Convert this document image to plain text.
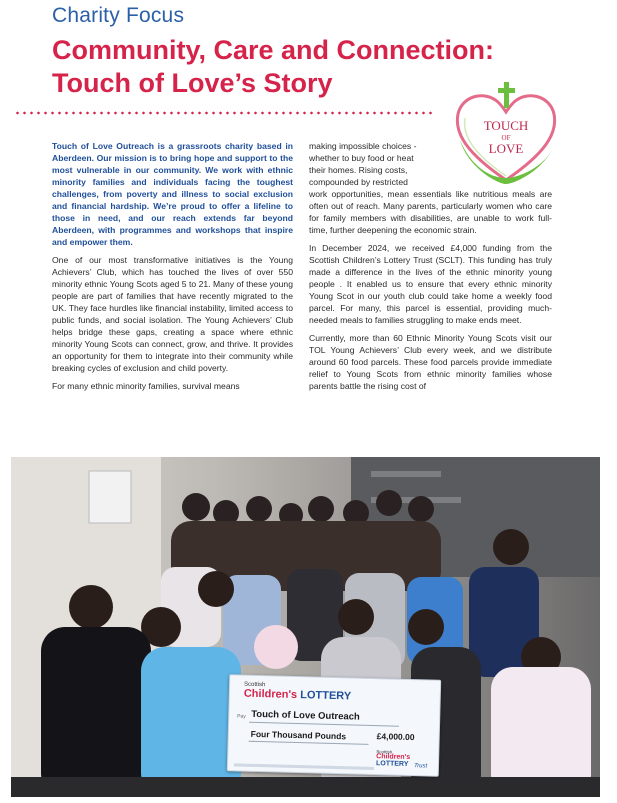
Charity Focus
Community, Care and Connection:
Touch of Love’s Story
TOUCH
OF
LOVE

Touch of Love Outreach is a grassroots charity based in Aberdeen. Our mission is to bring hope and support to the most vulnerable in our community. We work with ethnic minority families and individuals facing the toughest challenges, from poverty and illness to social exclusion and financial hardship. We’re proud to offer a lifeline to those in need, and our reach extends far beyond Aberdeen, with programmes and workshops that inspire and empower them.

One of our most transformative initiatives is the Young Achievers’ Club, which has touched the lives of over 550 minority ethnic Young Scots aged 5 to 21. Many of these young people are part of families that have recently migrated to the UK. They face hurdles like financial instability, limited access to public funds, and social isolation. The Young Achievers’ Club helps bridge these gaps, creating a space where ethnic minority Young Scots can connect, grow, and thrive. It provides an opportunity for them to integrate into their community while breaking cycles of exclusion and child poverty.

For many ethnic minority families, survival means

making impossible choices -
whether to buy food or heat
their homes. Rising costs,
compounded by restricted
work opportunities, mean essentials like nutritious meals are often out of reach. Many parents, particularly women who care for family members with disabilities, are unable to work full-time, further deepening the economic strain.

In December 2024, we received £4,000 funding from the Scottish Children’s Lottery Trust (SCLT). This funding has truly made a difference in the lives of the ethnic minority young people . It enabled us to ensure that every ethnic minority Young Scot in our youth club could take home a weekly food parcel. For many, this parcel is essential, providing much-needed meals to families struggling to make ends meet.

Currently, more than 60 Ethnic Minority Young Scots visit our TOL Young Achievers’ Club every week, and we distribute around 60 food parcels. These food parcels provide immediate relief to Young Scots from ethnic minority families whose parents battle the rising cost of

Scottish
Children's LOTTERY
Pay Touch of Love Outreach
Four Thousand Pounds	£4,000.00
Scottish
Children's LOTTERY Trust
